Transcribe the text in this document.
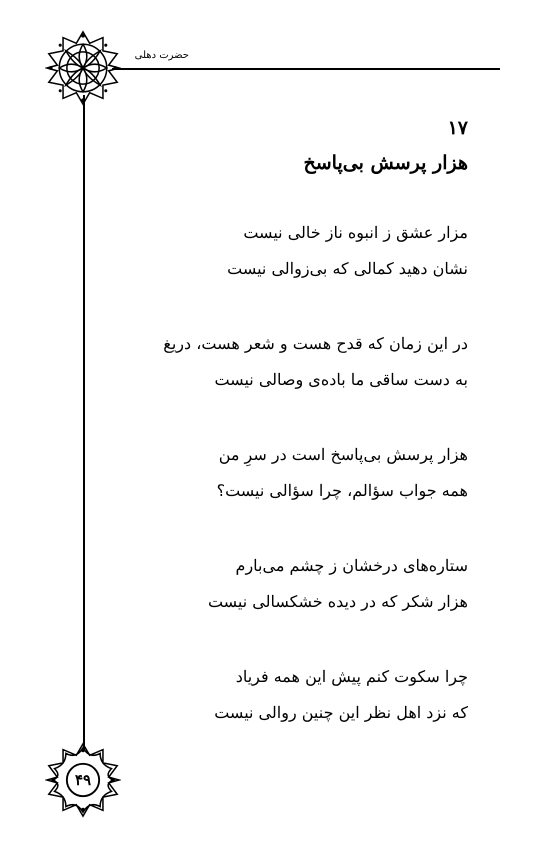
حضرت دهلی
۱۷
هزار پرسش بی‌پاسخ
مزار عشق ز انبوه ناز خالی نیست
نشان دهید کمالی که بی‌زوالی نیست
در این زمان که قدح هست و شعر هست، دریغ
به دست ساقی ما باده‌ی وصالی نیست
هزار پرسش بی‌پاسخ است در سرِ من
همه جواب سؤالم، چرا سؤالی نیست؟
ستاره‌های درخشان ز چشم می‌بارم
هزار شکر که در دیده خشکسالی نیست
چرا سکوت کنم پیش این همه فریاد
که نزد اهل نظر این چنین روالی نیست
۴۹
